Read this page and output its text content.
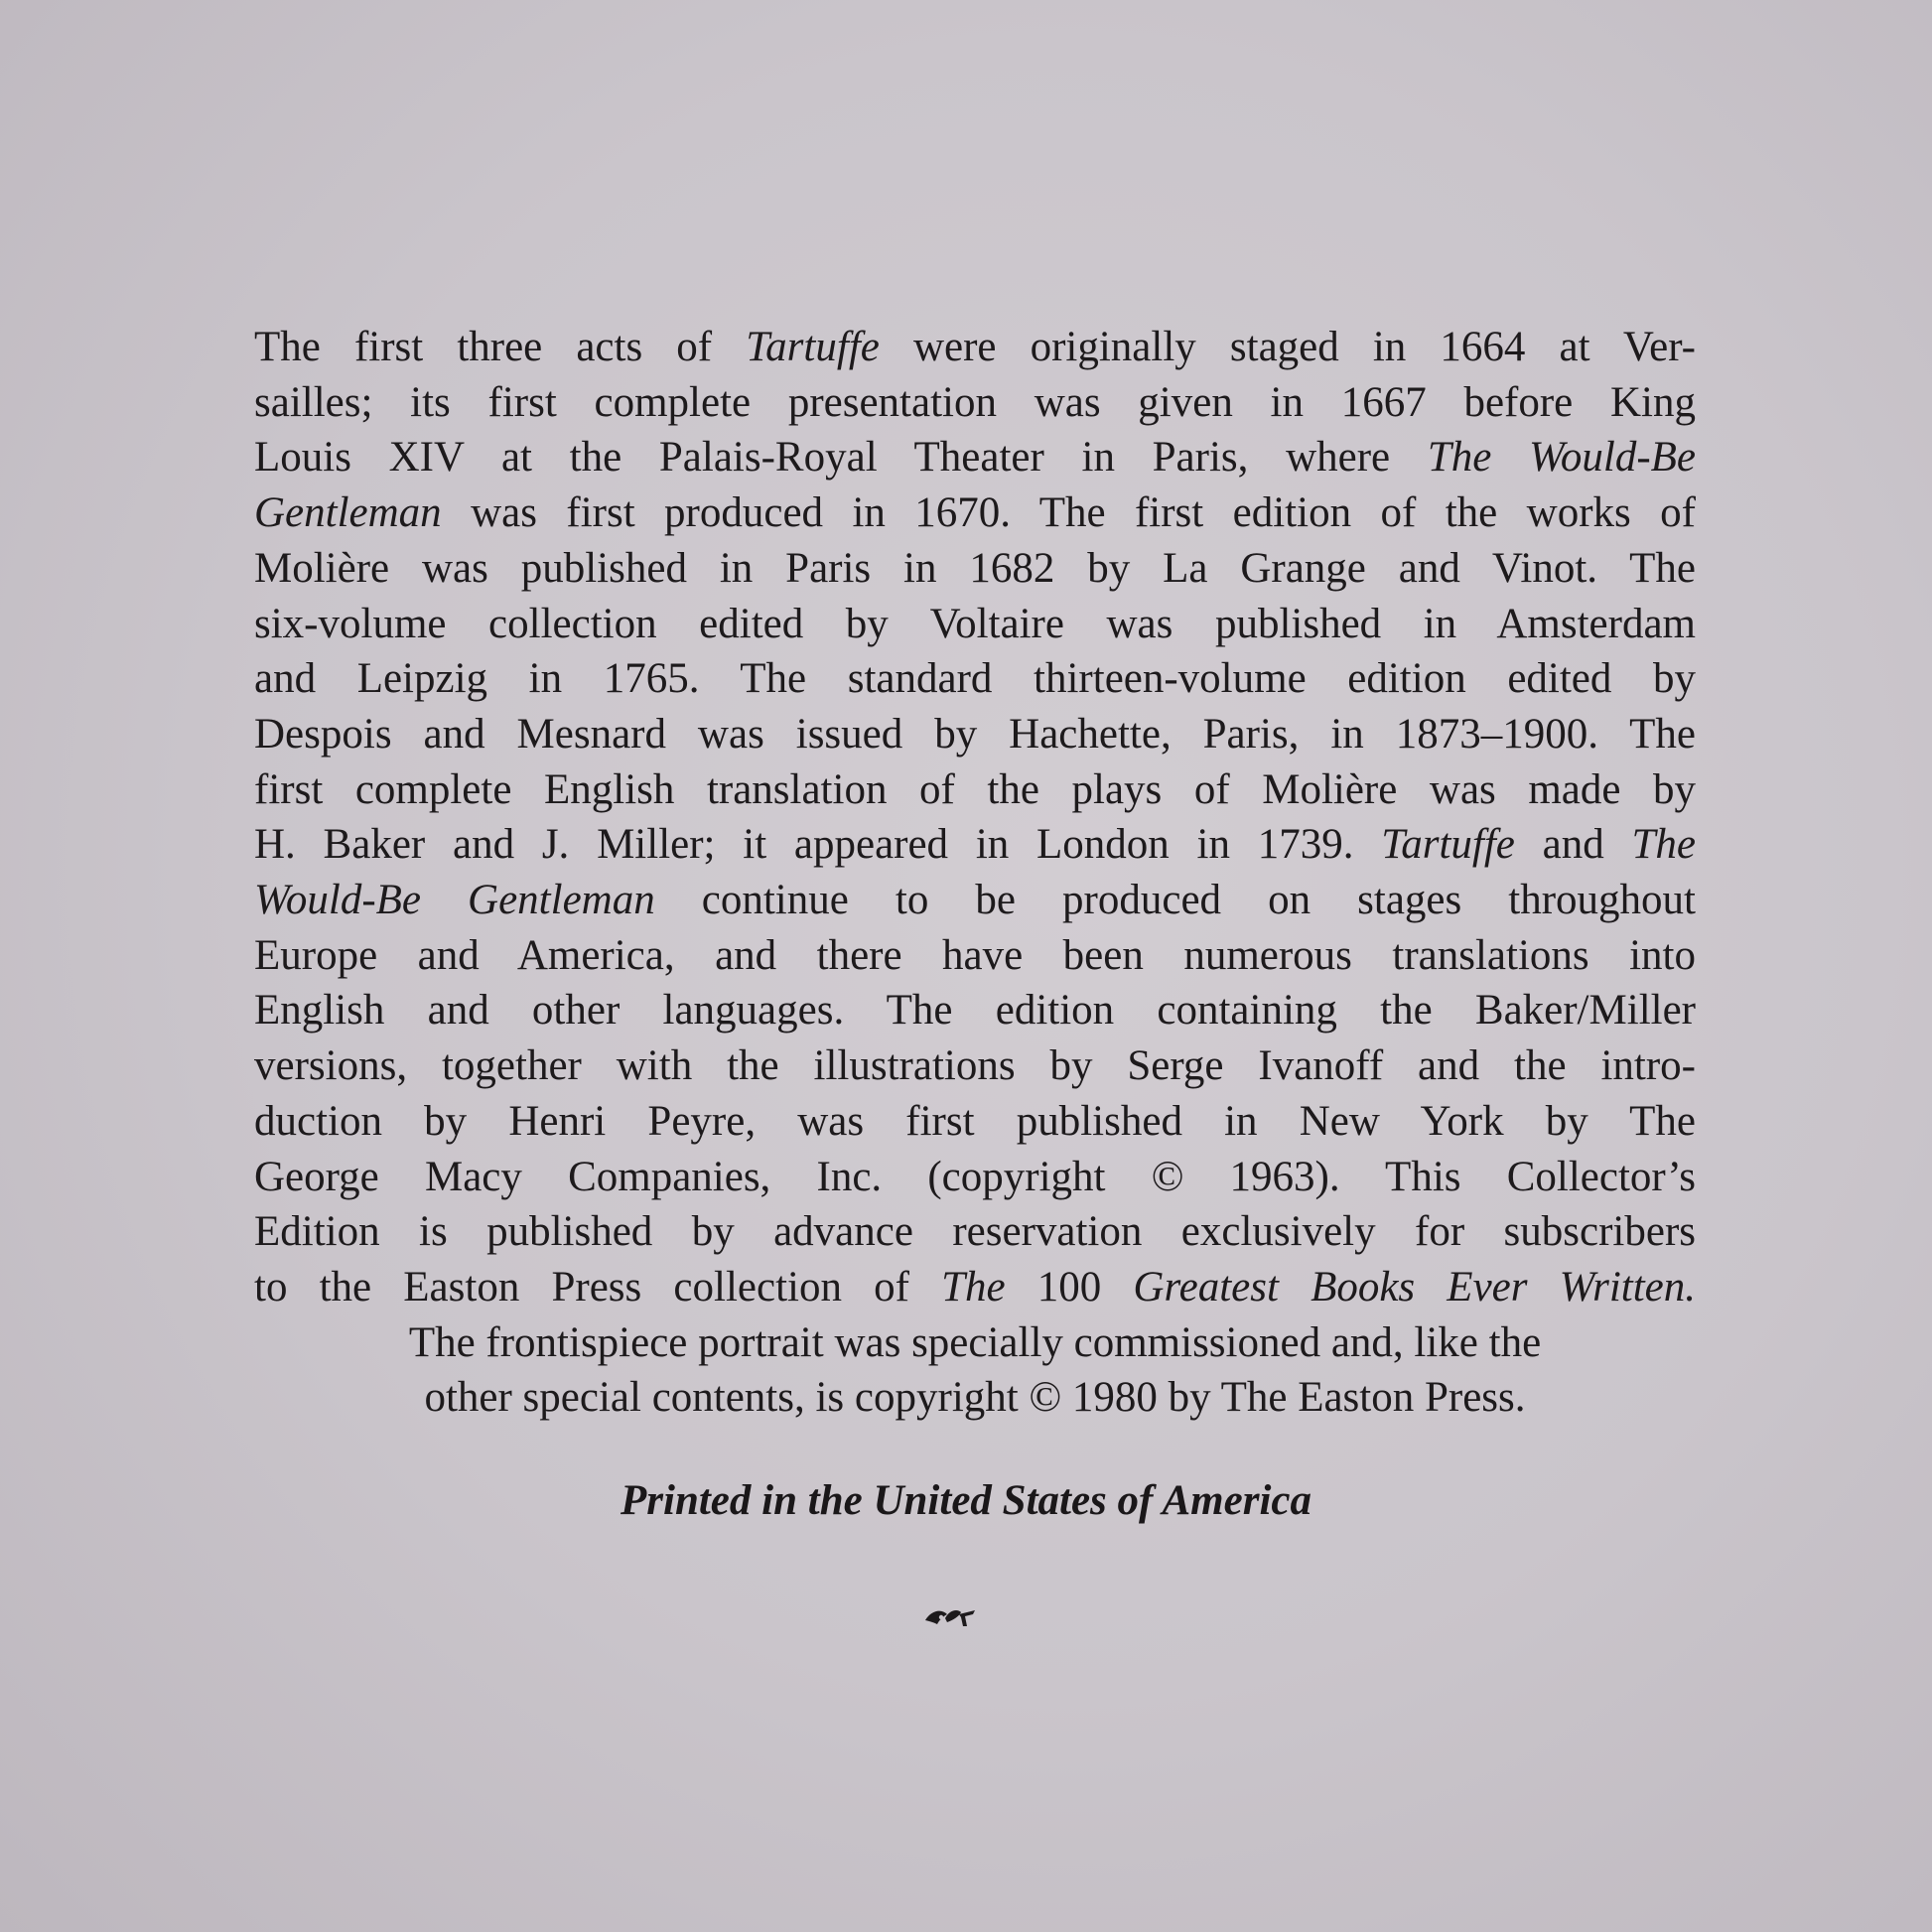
The first three acts of Tartuffe were originally staged in 1664 at Ver-
sailles; its first complete presentation was given in 1667 before King
Louis XIV at the Palais-Royal Theater in Paris, where The Would-Be
Gentleman was first produced in 1670. The first edition of the works of
Molière was published in Paris in 1682 by La Grange and Vinot. The
six-volume collection edited by Voltaire was published in Amsterdam
and Leipzig in 1765. The standard thirteen-volume edition edited by
Despois and Mesnard was issued by Hachette, Paris, in 1873–1900. The
first complete English translation of the plays of Molière was made by
H. Baker and J. Miller; it appeared in London in 1739. Tartuffe and The
Would-Be Gentleman continue to be produced on stages throughout
Europe and America, and there have been numerous translations into
English and other languages. The edition containing the Baker/Miller
versions, together with the illustrations by Serge Ivanoff and the intro-
duction by Henri Peyre, was first published in New York by The
George Macy Companies, Inc. (copyright © 1963). This Collector’s
Edition is published by advance reservation exclusively for subscribers
to the Easton Press collection of The 100 Greatest Books Ever Written.
The frontispiece portrait was specially commissioned and, like the
other special contents, is copyright © 1980 by The Easton Press.
Printed in the United States of America
